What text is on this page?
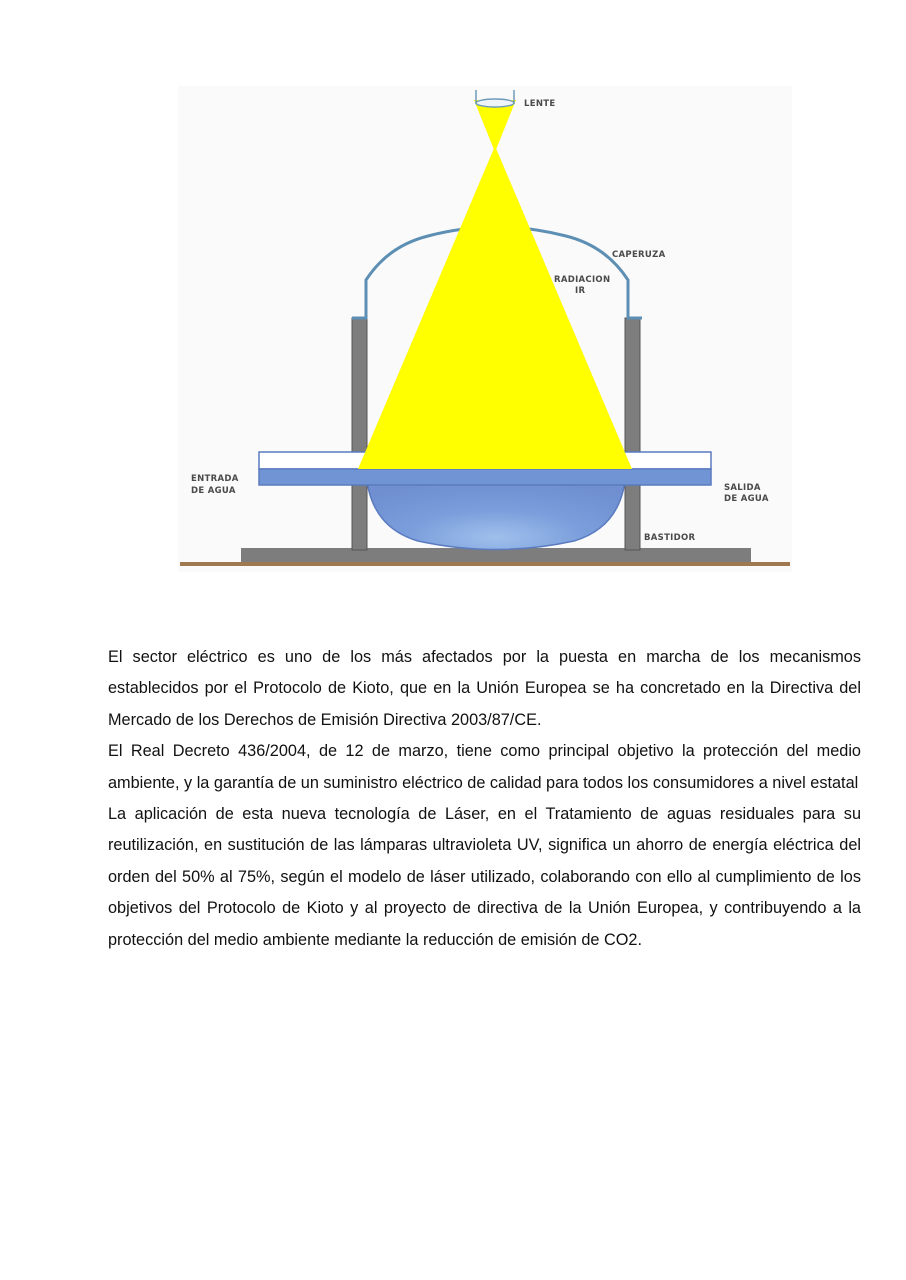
LENTE
CAPERUZA
RADIACION
IR
ENTRADA
DE AGUA	SALIDA
DE AGUA
BASTIDOR

El sector eléctrico es uno de los más afectados por la puesta en marcha de los mecanismos establecidos por el Protocolo de Kioto, que en la Unión Europea se ha concretado en la Directiva del Mercado de los Derechos de Emisión Directiva 2003/87/CE.

El Real Decreto 436/2004, de 12 de marzo, tiene como principal objetivo la protección del medio ambiente, y la garantía de un suministro eléctrico de calidad para todos los consumidores a nivel estatal

La aplicación de esta nueva tecnología de Láser, en el Tratamiento de aguas residuales para su reutilización, en sustitución de las lámparas ultravioleta UV, significa un ahorro de energía eléctrica del orden del 50% al 75%, según el modelo de láser utilizado, colaborando con ello al cumplimiento de los objetivos del Protocolo de Kioto y al proyecto de directiva de la Unión Europea, y contribuyendo a la protección del medio ambiente mediante la reducción de emisión de CO2.
